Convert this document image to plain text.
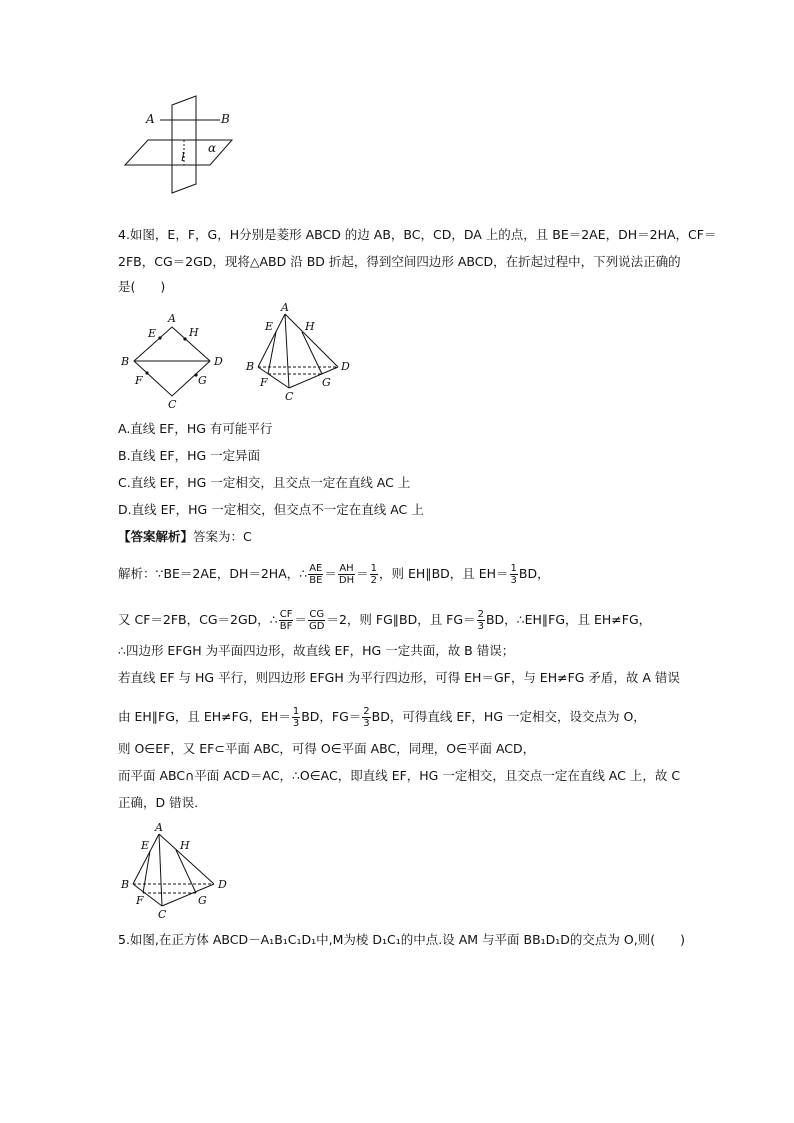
A	B
l
α
4.如图，E，F，G，H分别是菱形 ABCD 的边 AB，BC，CD，DA 上的点，且 BE＝2AE，DH＝2HA，CF＝
2FB，CG＝2GD，现将△ABD 沿 BD 折起，得到空间四边形 ABCD，在折起过程中，下列说法正确的
是(　　)
A
E	H
B	D
F	G
C
A
E	H
B	D
F	G
C
A.直线 EF，HG 有可能平行
B.直线 EF，HG 一定异面
C.直线 EF，HG 一定相交，且交点一定在直线 AC 上
D.直线 EF，HG 一定相交，但交点不一定在直线 AC 上
【答案解析】答案为：C
解析：∵BE＝2AE，DH＝2HA，∴ $\frac{AE}{BE} = \frac{AH}{DH} = \frac{1}{2}$ ，则 EH∥BD，且 $EH= \frac{1}{3}$ BD，
又 CF＝2FB，CG＝2GD，∴ $\frac{CF}{BF} = \frac{CG}{GD} =2$，则 FG∥BD，且 $FG= \frac{2}{3}$ BD，∴EH∥FG，且 EH≠FG，
∴四边形 EFGH 为平面四边形，故直线 EF，HG 一定共面，故 B 错误；
若直线 EF 与 HG 平行，则四边形 EFGH 为平行四边形，可得 EH＝GF，与 EH≠FG 矛盾，故 A 错误
由 EH∥FG，且 EH≠FG，$EH= \frac{1}{3}$ BD，$FG= \frac{2}{3}$ BD，可得直线 EF，HG 一定相交，设交点为 O，
则 O∈EF，又 EF⊂平面 ABC，可得 O∈平面 ABC，同理，O∈平面 ACD，
而平面 ABC∩平面 ACD＝AC，∴O∈AC，即直线 EF，HG 一定相交，且交点一定在直线 AC 上，故 C
正确，D 错误.
A
E	H
B	D
F	G
C
5.如图,在正方体 ABCD－A₁B₁C₁D₁中,M为棱 D₁C₁的中点.设 AM 与平面 BB₁D₁D的交点为 O,则(　　)
